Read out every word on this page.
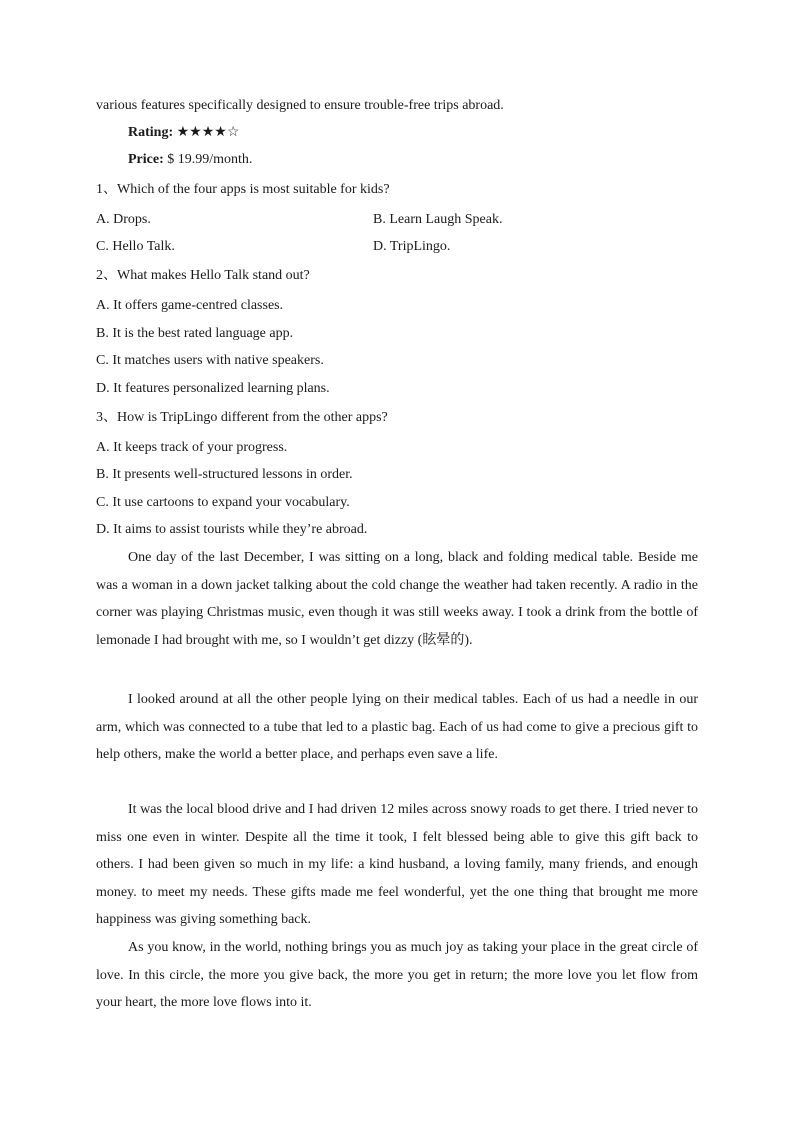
various features specifically designed to ensure trouble-free trips abroad.
Rating: ★★★★☆
Price: $ 19.99/month.
1、Which of the four apps is most suitable for kids?
A. Drops.	B. Learn Laugh Speak.
C. Hello Talk.	D. TripLingo.
2、What makes Hello Talk stand out?
A. It offers game-centred classes.
B. It is the best rated language app.
C. It matches users with native speakers.
D. It features personalized learning plans.
3、How is TripLingo different from the other apps?
A. It keeps track of your progress.
B. It presents well-structured lessons in order.
C. It use cartoons to expand your vocabulary.
D. It aims to assist tourists while they’re abroad.

One day of the last December, I was sitting on a long, black and folding medical table. Beside me was a woman in a down jacket talking about the cold change the weather had taken recently. A radio in the corner was playing Christmas music, even though it was still weeks away. I took a drink from the bottle of lemonade I had brought with me, so I wouldn’t get dizzy (眩晕的).

I looked around at all the other people lying on their medical tables. Each of us had a needle in our arm, which was connected to a tube that led to a plastic bag. Each of us had come to give a precious gift to help others, make the world a better place, and perhaps even save a life.

It was the local blood drive and I had driven 12 miles across snowy roads to get there. I tried never to miss one even in winter. Despite all the time it took, I felt blessed being able to give this gift back to others. I had been given so much in my life: a kind husband, a loving family, many friends, and enough money. to meet my needs. These gifts made me feel wonderful, yet the one thing that brought me more happiness was giving something back.

As you know, in the world, nothing brings you as much joy as taking your place in the great circle of love. In this circle, the more you give back, the more you get in return; the more love you let flow from your heart, the more love flows into it.
